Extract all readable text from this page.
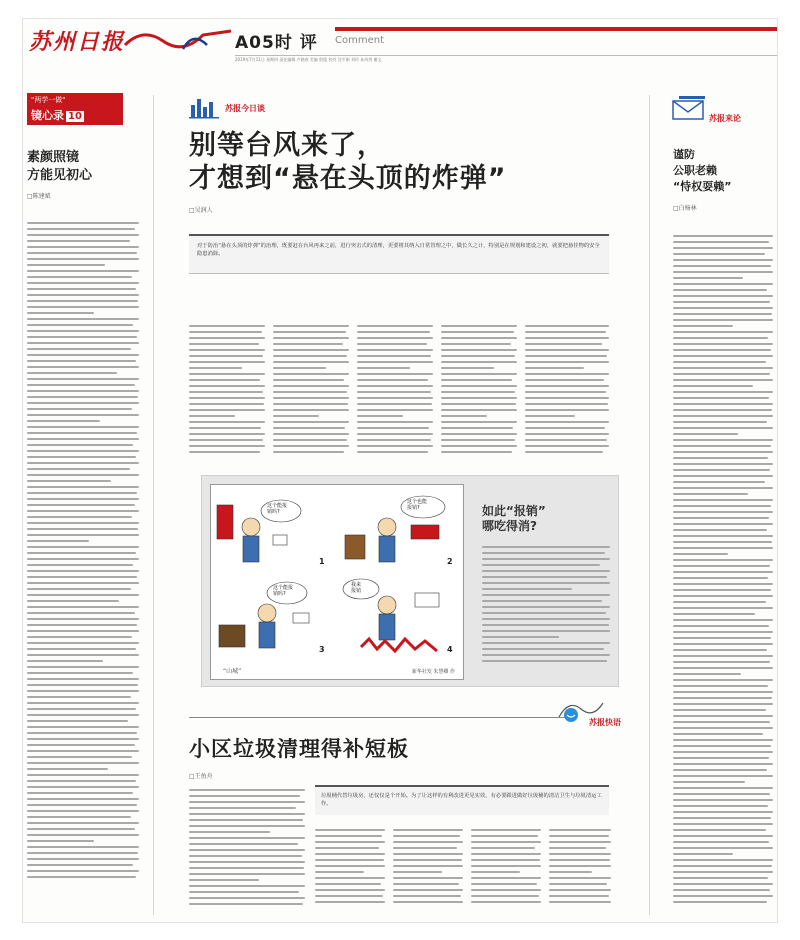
苏州日报	A05时 评 Comment
2019年7月11日 星期四 责任编辑 卢晓春 美编 殷俊 校对 沈平刚 刘玲 孙芮剑 谢文
"两学一做"
镜心录 10
素颜照镜
方能见初心
□陈建斌
苏报今日谈
别等台风来了，
才想到“悬在头顶的炸弹”
□吴润人
对于防治“悬在头顶的炸弹”的治理，既要赶在台风再来之前，进行突击式的清理，更要将其纳入日常管理之中，做长久之计，特别是在规划和建设之初，就要把悬挂物的安全隐患消除。
这个能报
销吗?
这个也能
报销?
这个能报
销吗?
我来
报销
1	2
3	4
“山城”	新华社发 朱慧卿 作
如此“报销”
哪吃得消?
苏报快语
小区垃圾清理得补短板
□王鱼舟
垃圾桶代替垃圾房，还仅仅是个开始。为了让这样的有利改进更见实效，有必要跟进做好垃圾桶的清洁卫生与垃圾清运工作。
苏报来论
谨防
公职老赖
“恃权耍赖”
□白杨林
